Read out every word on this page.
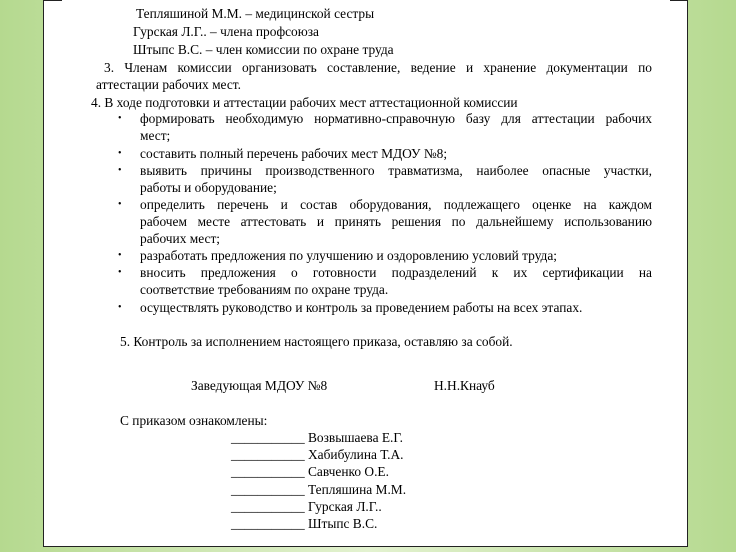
Тепляшиной М.М. – медицинской сестры
Гурская Л.Г.. – члена профсоюза
Штыпс В.С. – член комиссии по охране труда
3. Членам комиссии организовать составление, ведение и хранение документации по
аттестации рабочих мест.
4. В ходе подготовки и аттестации рабочих мест аттестационной комиссии
• формировать необходимую нормативно-справочную базу для аттестации рабочих
мест;
• составить полный перечень рабочих мест МДОУ №8;
• выявить причины производственного травматизма, наиболее опасные участки,
работы и оборудование;
• определить перечень и состав оборудования, подлежащего оценке на каждом
рабочем месте аттестовать и принять решения по дальнейшему использованию
рабочих мест;
• разработать предложения по улучшению и оздоровлению условий труда;
• вносить предложения о готовности подразделений к их сертификации на
соответствие требованиям по охране труда.
• осуществлять руководство и контроль за проведением работы на всех этапах.
5. Контроль за исполнением настоящего приказа, оставляю за собой.
Заведующая МДОУ №8	Н.Н.Кнауб
С приказом ознакомлены:
___________ Возвышаева Е.Г.
___________ Хабибулина Т.А.
___________ Савченко О.Е.
___________ Тепляшина М.М.
___________ Гурская Л.Г..
___________ Штыпс В.С.
